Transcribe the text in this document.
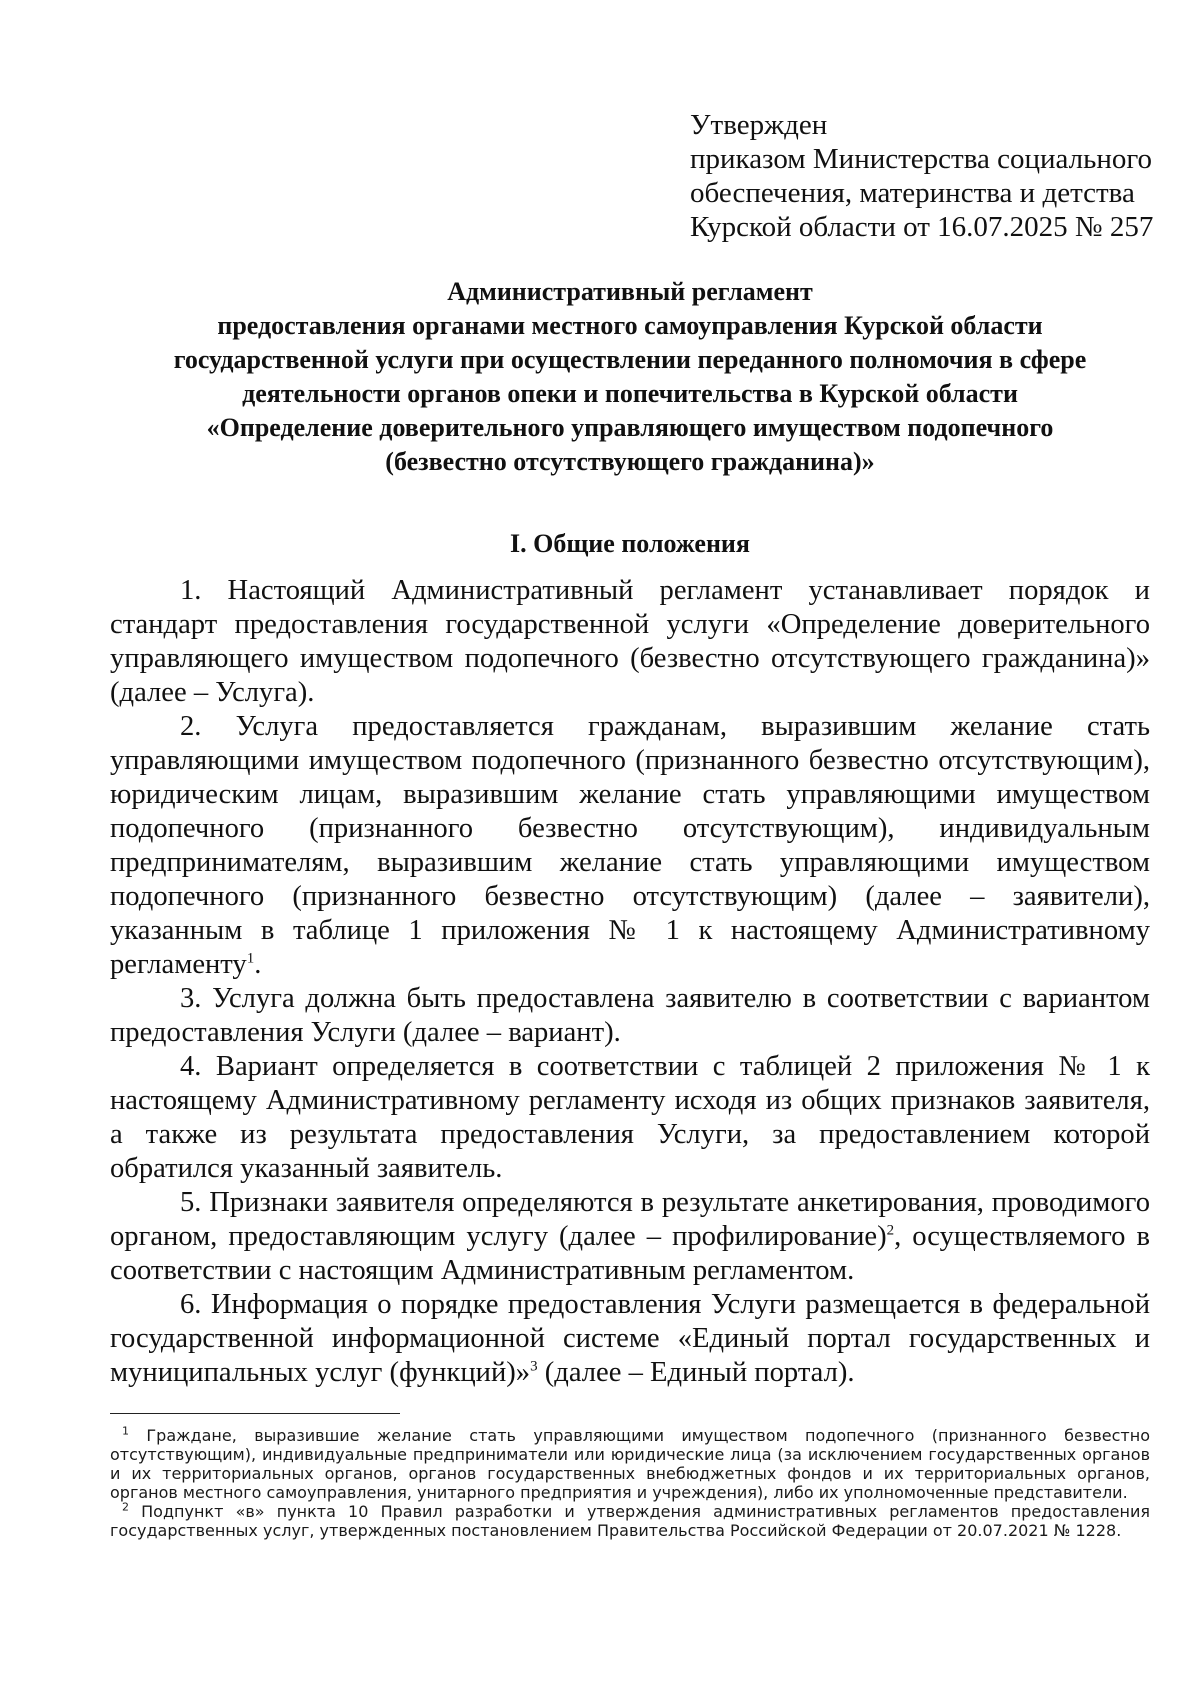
Утвержден
приказом Министерства социального
обеспечения, материнства и детства
Курской области от 16.07.2025 № 257
Административный регламент
предоставления органами местного самоуправления Курской области
государственной услуги при осуществлении переданного полномочия в сфере
деятельности органов опеки и попечительства в Курской области
«Определение доверительного управляющего имуществом подопечного
(безвестно отсутствующего гражданина)»
I. Общие положения

1. Настоящий Административный регламент устанавливает порядок и стандарт предоставления государственной услуги «Определение доверительного управляющего имуществом подопечного (безвестно отсутствующего гражданина)» (далее – Услуга).

2. Услуга предоставляется гражданам, выразившим желание стать управляющими имуществом подопечного (признанного безвестно отсутствующим), юридическим лицам, выразившим желание стать управляющими имуществом подопечного (признанного безвестно отсутствующим), индивидуальным предпринимателям, выразившим желание стать управляющими имуществом подопечного (признанного безвестно отсутствующим) (далее – заявители), указанным в таблице 1 приложения № 1 к настоящему Административному регламенту$^1$.

3. Услуга должна быть предоставлена заявителю в соответствии с вариантом предоставления Услуги (далее – вариант).

4. Вариант определяется в соответствии с таблицей 2 приложения № 1 к настоящему Административному регламенту исходя из общих признаков заявителя, а также из результата предоставления Услуги, за предоставлением которой обратился указанный заявитель.

5. Признаки заявителя определяются в результате анкетирования, проводимого органом, предоставляющим услугу (далее – профилирование)$^2$, осуществляемого в соответствии с настоящим Административным регламентом.

6. Информация о порядке предоставления Услуги размещается в федеральной государственной информационной системе «Единый портал государственных и муниципальных услуг (функций)»$^3$ (далее – Единый портал).

$^1$ Граждане, выразившие желание стать управляющими имуществом подопечного (признанного безвестно отсутствующим), индивидуальные предприниматели или юридические лица (за исключением государственных органов и их территориальных органов, органов государственных внебюджетных фондов и их территориальных органов, органов местного самоуправления, унитарного предприятия и учреждения), либо их уполномоченные представители.

$^2$ Подпункт «в» пункта 10 Правил разработки и утверждения административных регламентов предоставления государственных услуг, утвержденных постановлением Правительства Российской Федерации от 20.07.2021 № 1228.
